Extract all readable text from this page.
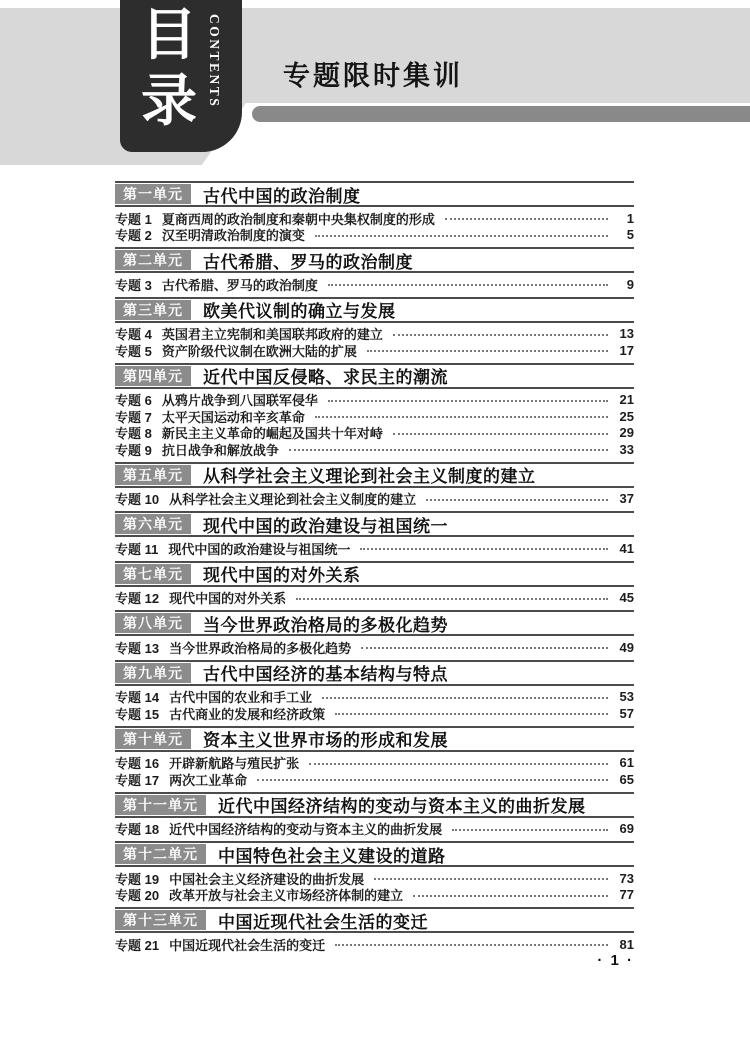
目
录 CONTENTS 专题限时集训
第一单元	古代中国的政治制度
专题 1 夏商西周的政治制度和秦朝中央集权制度的形成	1
专题 2 汉至明清政治制度的演变	5
第二单元	古代希腊、罗马的政治制度
专题 3 古代希腊、罗马的政治制度	9
第三单元	欧美代议制的确立与发展
专题 4 英国君主立宪制和美国联邦政府的建立	13
专题 5 资产阶级代议制在欧洲大陆的扩展	17
第四单元	近代中国反侵略、求民主的潮流
专题 6 从鸦片战争到八国联军侵华	21
专题 7 太平天国运动和辛亥革命	25
专题 8 新民主主义革命的崛起及国共十年对峙	29
专题 9 抗日战争和解放战争	33
第五单元	从科学社会主义理论到社会主义制度的建立
专题 10 从科学社会主义理论到社会主义制度的建立	37
第六单元	现代中国的政治建设与祖国统一
专题 11 现代中国的政治建设与祖国统一	41
第七单元	现代中国的对外关系
专题 12 现代中国的对外关系	45
第八单元	当今世界政治格局的多极化趋势
专题 13 当今世界政治格局的多极化趋势	49
第九单元	古代中国经济的基本结构与特点
专题 14 古代中国的农业和手工业	53
专题 15 古代商业的发展和经济政策	57
第十单元	资本主义世界市场的形成和发展
专题 16 开辟新航路与殖民扩张	61
专题 17 两次工业革命	65
第十一单元	近代中国经济结构的变动与资本主义的曲折发展
专题 18 近代中国经济结构的变动与资本主义的曲折发展	69
第十二单元	中国特色社会主义建设的道路
专题 19 中国社会主义经济建设的曲折发展	73
专题 20 改革开放与社会主义市场经济体制的建立	77
第十三单元	中国近现代社会生活的变迁
专题 21 中国近现代社会生活的变迁	81
· 1 ·
